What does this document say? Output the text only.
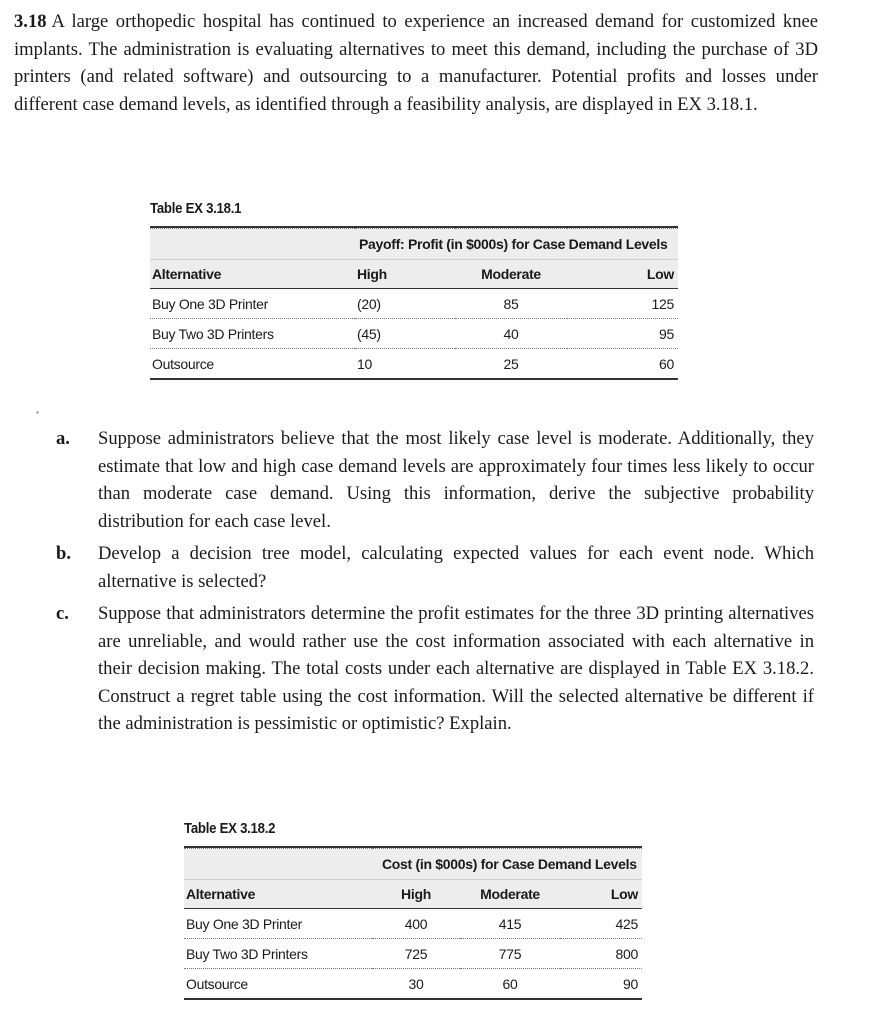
3.18 A large orthopedic hospital has continued to experience an increased demand for customized knee implants. The administration is evaluating alternatives to meet this demand, including the purchase of 3D printers (and related software) and outsourcing to a manufacturer. Potential profits and losses under different case demand levels, as identified through a feasibility analysis, are displayed in EX 3.18.1.
Table EX 3.18.1

	Payoff: Profit (in $000s) for Case Demand Levels		
Alternative	High	Moderate	Low
Buy One 3D Printer	(20)	85	125
Buy Two 3D Printers	(45)	40	95
Outsource	10	25	60
a.	Suppose administrators believe that the most likely case level is moderate. Additionally, they estimate that low and high case demand levels are approximately four times less likely to occur than moderate case demand. Using this information, derive the subjective probability distribution for each case level.
b.	Develop a decision tree model, calculating expected values for each event node. Which alternative is selected?
c.	Suppose that administrators determine the profit estimates for the three 3D printing alternatives are unreliable, and would rather use the cost information associated with each alternative in their decision making. The total costs under each alternative are displayed in Table EX 3.18.2. Construct a regret table using the cost information. Will the selected alternative be different if the administration is pessimistic or optimistic? Explain.
Table EX 3.18.2

	Cost (in $000s) for Case Demand Levels		
Alternative	High	Moderate	Low
Buy One 3D Printer	400	415	425
Buy Two 3D Printers	725	775	800
Outsource	30	60	90
